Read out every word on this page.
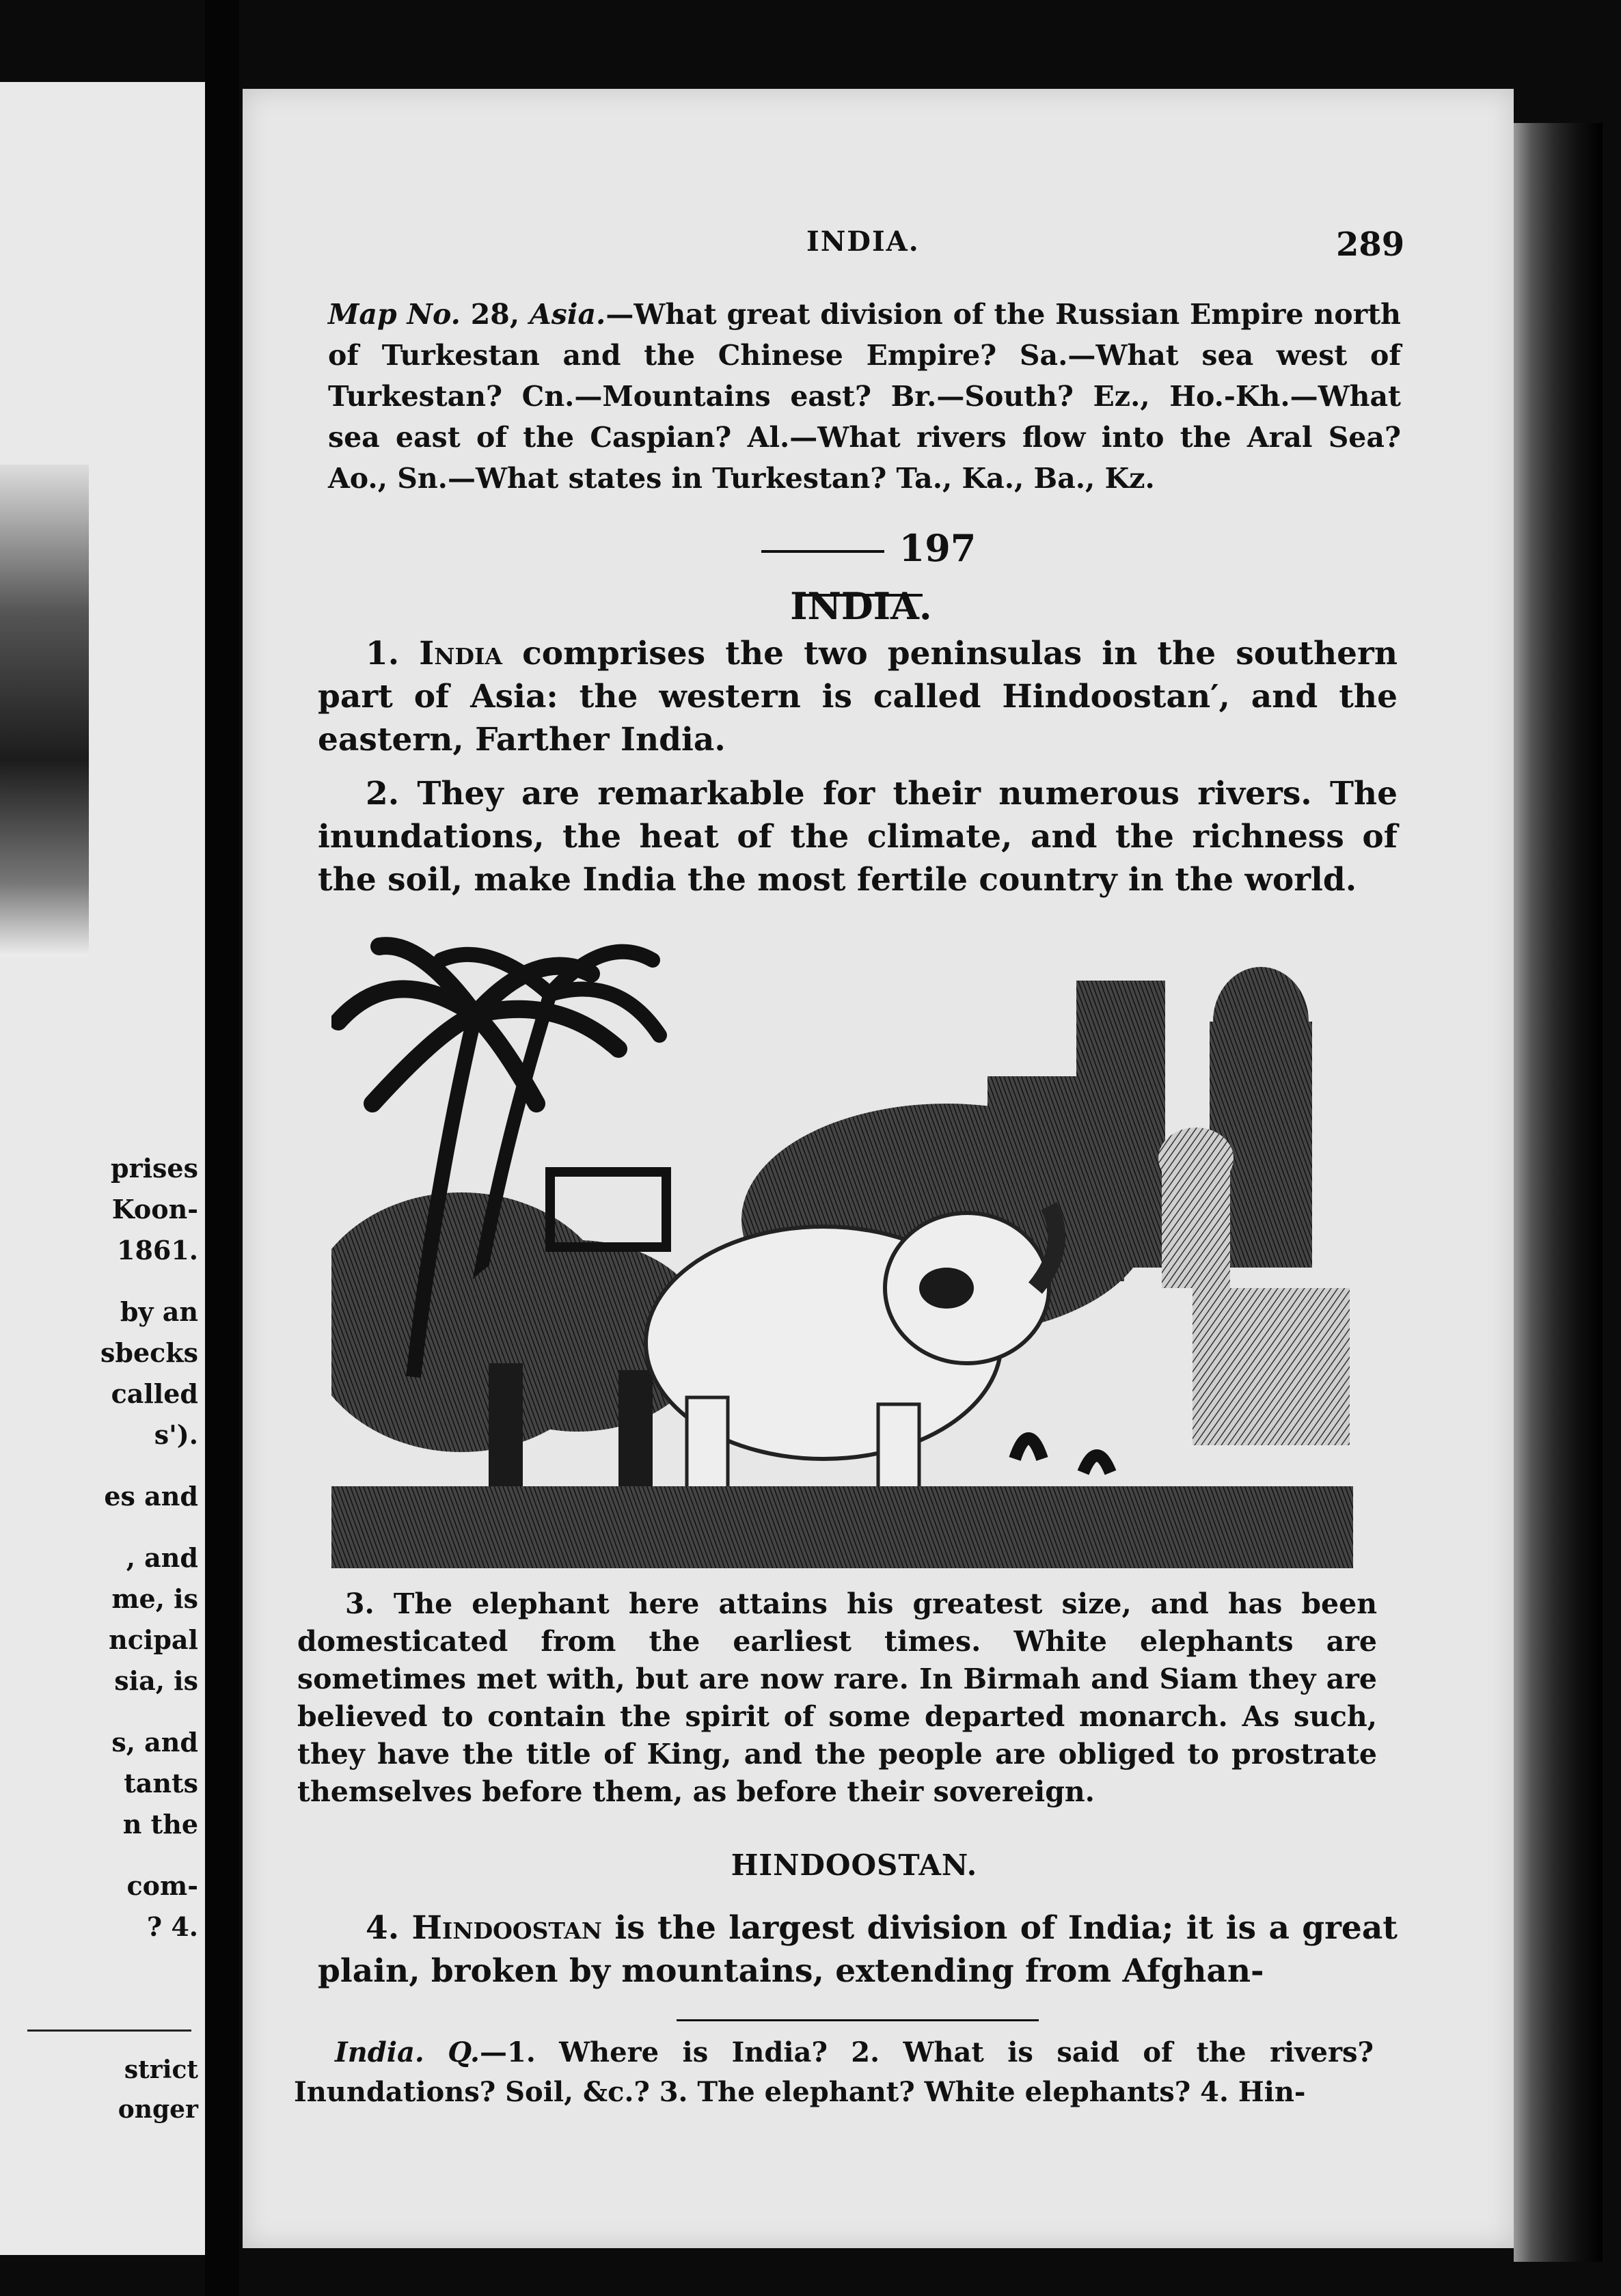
prises
Koon-
1861.

by an
sbecks
called
s').

es and

, and
me, is
ncipal
sia, is

s, and
tants
n the

com-
? 4.

strict
onger
INDIA.	289

Map No. 28, Asia.—What great division of the Russian Empire north of Turkestan and the Chinese Empire? Sa.—What sea west of Turkestan? Cn.—Mountains east? Br.—South? Ez., Ho.-Kh.—What sea east of the Caspian? Al.—What rivers flow into the Aral Sea? Ao., Sn.—What states in Turkestan? Ta., Ka., Ba., Kz.

197
INDIA.

1. India comprises the two peninsulas in the southern part of Asia: the western is called Hindoostan′, and the eastern, Farther India.

2. They are remarkable for their numerous rivers. The inundations, the heat of the climate, and the richness of the soil, make India the most fertile country in the world.

3. The elephant here attains his greatest size, and has been domesticated from the earliest times. White elephants are sometimes met with, but are now rare. In Birmah and Siam they are believed to contain the spirit of some departed monarch. As such, they have the title of King, and the people are obliged to prostrate themselves before them, as before their sovereign.

HINDOOSTAN.

4. Hindoostan is the largest division of India; it is a great plain, broken by mountains, extending from Afghan-

India. Q.—1. Where is India? 2. What is said of the rivers? Inundations? Soil, &c.? 3. The elephant? White elephants? 4. Hin-
